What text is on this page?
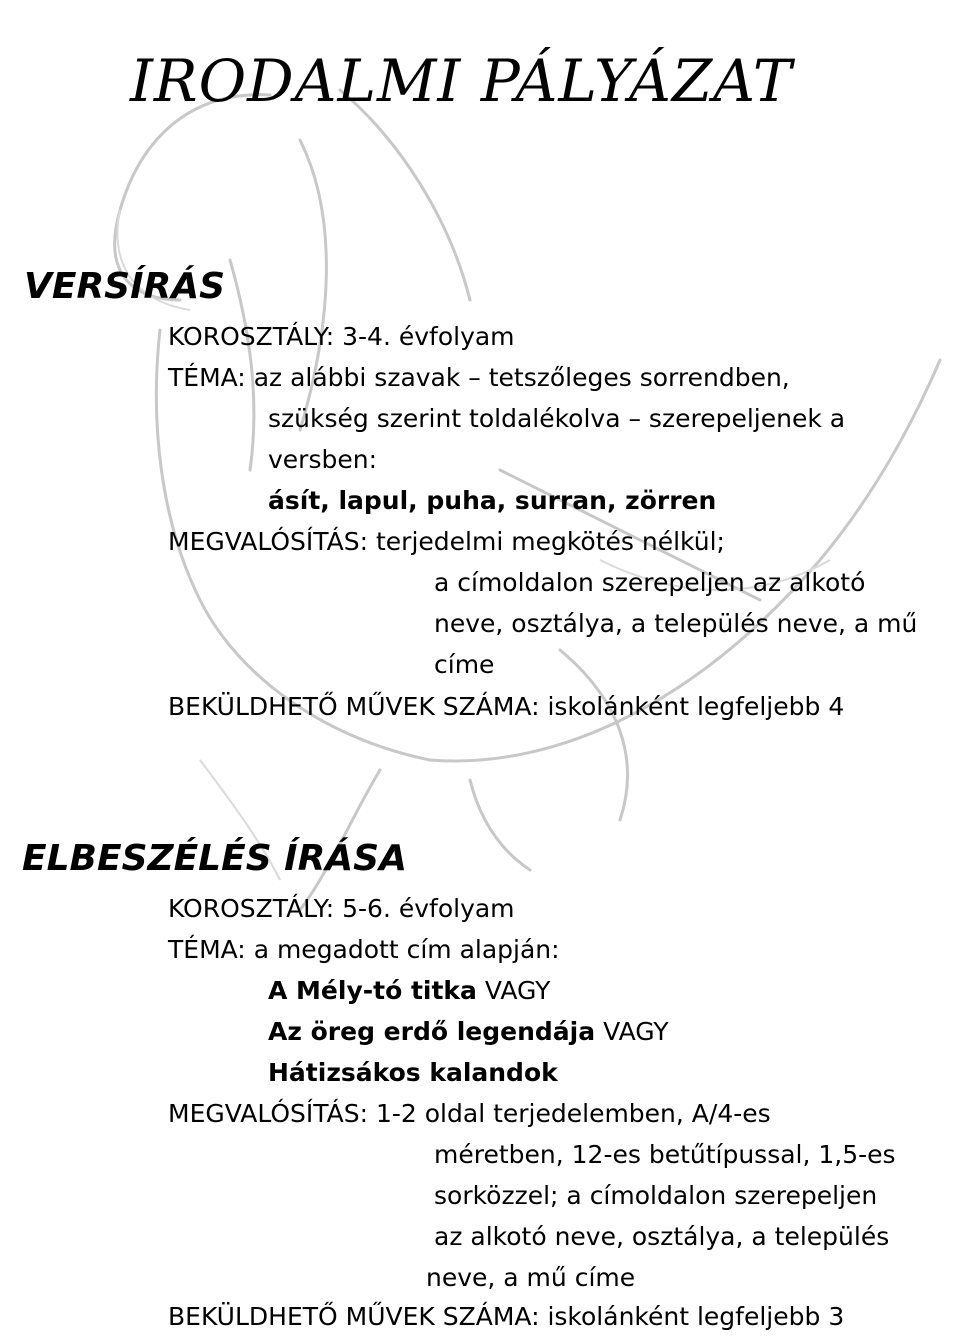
IRODALMI PÁLYÁZAT
VERSÍRÁS
KOROSZTÁLY: 3-4. évfolyam
TÉMA: az alábbi szavak – tetszőleges sorrendben,
szükség szerint toldalékolva – szerepeljenek a
versben:
ásít, lapul, puha, surran, zörren
MEGVALÓSÍTÁS: terjedelmi megkötés nélkül;
a címoldalon szerepeljen az alkotó
neve, osztálya, a település neve, a mű
címe
BEKÜLDHETŐ MŰVEK SZÁMA: iskolánként legfeljebb 4
ELBESZÉLÉS ÍRÁSA
KOROSZTÁLY: 5-6. évfolyam
TÉMA: a megadott cím alapján:
A Mély-tó titka VAGY
Az öreg erdő legendája VAGY
Hátizsákos kalandok
MEGVALÓSÍTÁS: 1-2 oldal terjedelemben, A/4-es
méretben, 12-es betűtípussal, 1,5-es
sorközzel; a címoldalon szerepeljen
az alkotó neve, osztálya, a település
neve, a mű címe
BEKÜLDHETŐ MŰVEK SZÁMA: iskolánként legfeljebb 3
